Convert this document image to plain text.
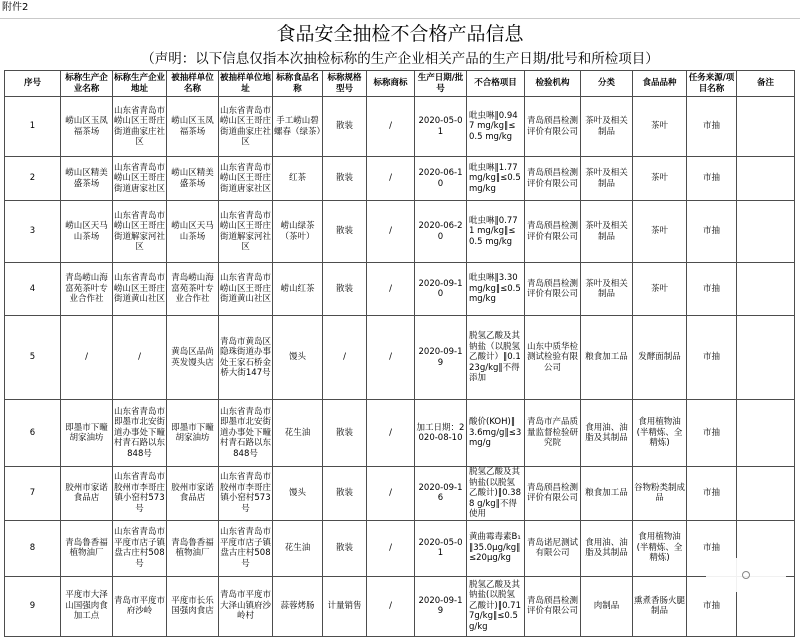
附件2
食品安全抽检不合格产品信息
（声明：以下信息仅指本次抽检标称的生产企业相关产品的生产日期/批号和所检项目）
序号	标称生产企业名称	标称生产企业地址	被抽样单位名称	被抽样单位地址	标称食品名称	标称规格型号	标称商标	生产日期/批号	不合格项目	检验机构	分类	食品品种	任务来源/项目名称	备注
1	崂山区玉凤福茶场	山东省青岛市崂山区王哥庄街道曲家庄社区	崂山区玉凤福茶场	山东省青岛市崂山区王哥庄街道曲家庄社区	手工崂山碧螺春（绿茶）	散装	/	2020-05-01	吡虫啉‖0.947 mg/kg‖≤0.5 mg/kg	青岛颀昌检测评价有限公司	茶叶及相关制品	茶叶	市抽	
2	崂山区精美盛茶场	山东省青岛市崂山区王哥庄街道唐家社区	崂山区精美盛茶场	山东省青岛市崂山区王哥庄街道唐家社区	红茶	散装	/	2020-06-10	吡虫啉‖1.77 mg/kg‖≤0.5 mg/kg	青岛颀昌检测评价有限公司	茶叶及相关制品	茶叶	市抽	
3	崂山区天马山茶场	山东省青岛市崂山区王哥庄街道解家河社区	崂山区天马山茶场	山东省青岛市崂山区王哥庄街道解家河社区	崂山绿茶（茶叶）	散装	/	2020-06-20	吡虫啉‖0.771 mg/kg‖≤0.5 mg/kg	青岛颀昌检测评价有限公司	茶叶及相关制品	茶叶	市抽	
4	青岛崂山海富苑茶叶专业合作社	山东省青岛市崂山区王哥庄街道黄山社区	青岛崂山海富苑茶叶专业合作社	山东省青岛市崂山区王哥庄街道黄山社区	崂山红茶	散装	/	2020-09-10	吡虫啉‖3.30 mg/kg‖≤0.5 mg/kg	青岛颀昌检测评价有限公司	茶叶及相关制品	茶叶	市抽	
5	/	/	黄岛区品尚英发馒头店	青岛市黄岛区隐珠街道办事处王家石桥金桥大街147号	馒头	/	/	2020-09-19	脱氢乙酸及其钠盐（以脱氢乙酸计）‖0.123g/kg‖不得添加	山东中质华检测试检验有限公司	粮食加工品	发酵面制品	市抽	
6	即墨市下疃胡家油坊	山东省青岛市即墨市北安街道办事处下疃村青石路以东848号	即墨市下疃胡家油坊	山东省青岛市即墨市北安街道办事处下疃村青石路以东848号	花生油	散装	/	加工日期：2020-08-10	酸价(KOH)‖3.6mg/g‖≤3mg/g	青岛市产品质量监督检验研究院	食用油、油脂及其制品	食用植物油(半精炼、全精炼)	市抽	
7	胶州市家诺食品店	山东省青岛市胶州市李哥庄镇小窑村573号	胶州市家诺食品店	山东省青岛市胶州市李哥庄镇小窑村573号	馒头	散装	/	2020-09-16	脱氢乙酸及其钠盐(以脱氢乙酸计)‖0.388 g/kg‖不得使用	青岛颀昌检测评价有限公司	粮食加工品	谷物粉类制成品	市抽	
8	青岛鲁香福植物油厂	山东省青岛市平度市店子镇盘古庄村508号	青岛鲁香福植物油厂	山东省青岛市平度市店子镇盘古庄村508号	花生油	散装	/	2020-05-01	黄曲霉毒素B₁‖35.0μg/kg‖≤20μg/kg	青岛诺尼测试有限公司	食用油、油脂及其制品	食用植物油(半精炼、全精炼)	市抽	
9	平度市大泽山国强肉食加工点	青岛市平度市府沙岭	平度市长乐国强肉食店	青岛市平度市大泽山镇府沙岭村	蒜蓉烤肠	计量销售	/	2020-09-19	脱氢乙酸及其钠盐(以脱氢乙酸计)‖0.717g/kg‖≤0.5g/kg	青岛颀昌检测评价有限公司	肉制品	熏煮香肠火腿制品	市抽	
